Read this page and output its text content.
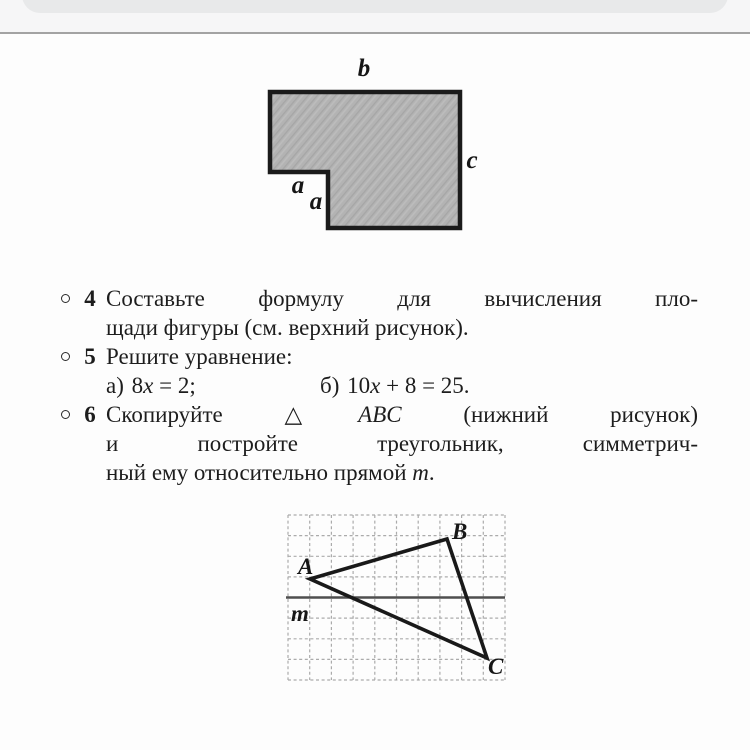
b
c
a
a
4 Составьте формулу для вычисления пло-
щади фигуры (см. верхний рисунок).
5 Решите уравнение:
а) 8x = 2;	б) 10x + 8 = 25.
6 Скопируйте	△ABC	(нижний рисунок)
и постройте треугольник, симметрич-
ный ему относительно прямой m.
A
B
C
m
